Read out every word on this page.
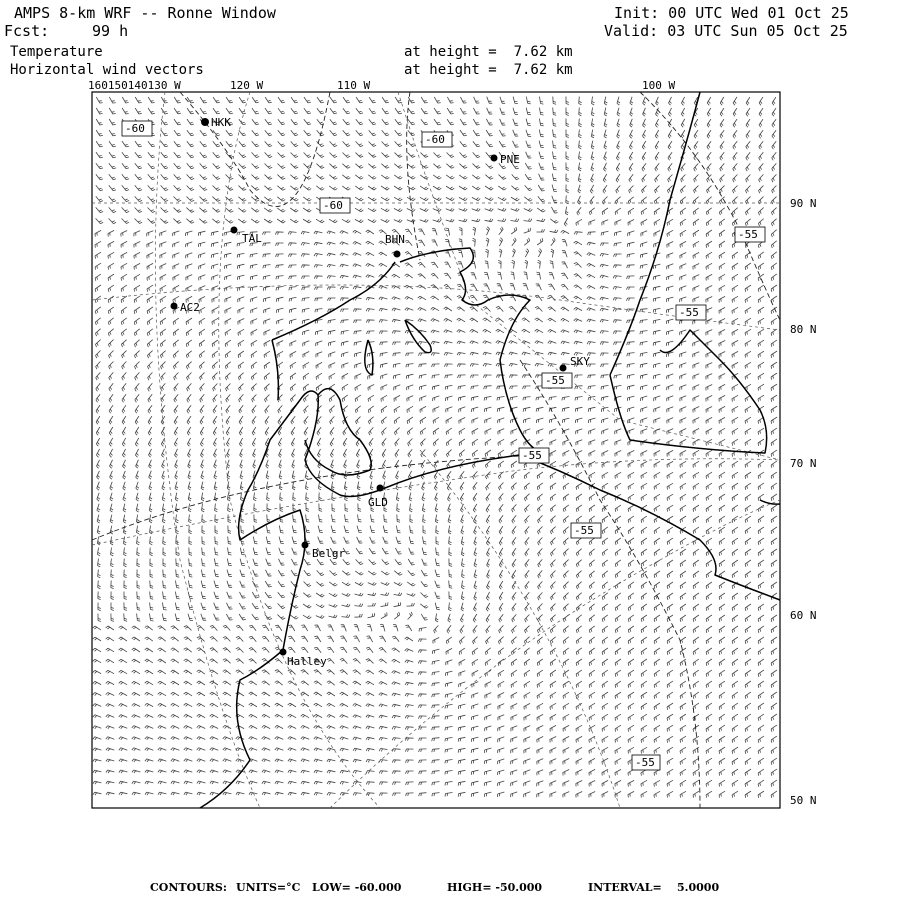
AMPS 8-km WRF -- Ronne Window	Init: 00 UTC Wed 01 Oct 25
Fcst:	99 h	Valid: 03 UTC Sun 05 Oct 25
Temperature
Horizontal wind vectors
at height =  7.62 km
at height =  7.62 km
HKK
PNE
TAL	BHN
AC2
SKY
GLD
Belgr
Halley
-60
-60
-60
-55
-55
-55
-55
-55
-55
160150140130 W	120 W	110 W	100 W
90 N
80 N
70 N
60 N
50 N
CONTOURS: UNITS=°C LOW= -60.000	HIGH= -50.000	INTERVAL= 5.0000
